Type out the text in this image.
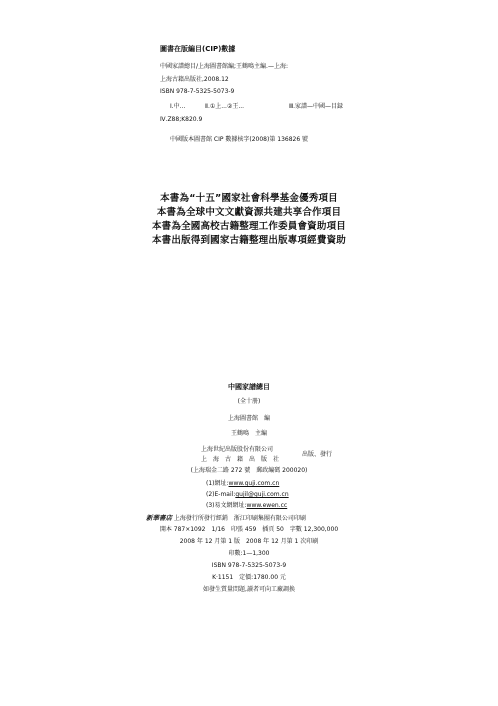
圖書在版編目(CIP)數據
中國家譜總目/上海圖書館編;王鶴鳴主編.—上海:
上海古籍出版社,2008.12
ISBN 978-7-5325-5073-9
Ⅰ.中...	Ⅱ.①上...②王...	Ⅲ.家譜—中國—目録
Ⅳ.Z88;K820.9
中國版本圖書館 CIP 數據核字(2008)第 136826 號
本書為“十五”國家社會科學基金優秀項目
本書為全球中文文獻資源共建共享合作項目
本書為全國高校古籍整理工作委員會資助項目
本書出版得到國家古籍整理出版專項經費資助
中國家譜總目
(全十册)
上海圖書館　編
王鶴鳴　主編
上海世紀出版股份有限公司
上　海　古　籍　出　版　社
出版、發行
(上海瑞金二路 272 號　郵政編碼 200020)
(1)網址:www.guji.com.cn
(2)E-mail:gujil@guji.com.cn
(3)易文網網址:www.ewen.cc
新華書店 上海發行所發行經銷　浙江印刷集團有限公司印刷
開本 787×1092　1/16　印張 459　插頁 50　字數 12,300,000
2008 年 12 月第 1 版　2008 年 12 月第 1 次印刷
印數:1—1,300
ISBN 978-7-5325-5073-9
K·1151　定價:1780.00 元
如發生質量問題,讀者可向工廠調换
